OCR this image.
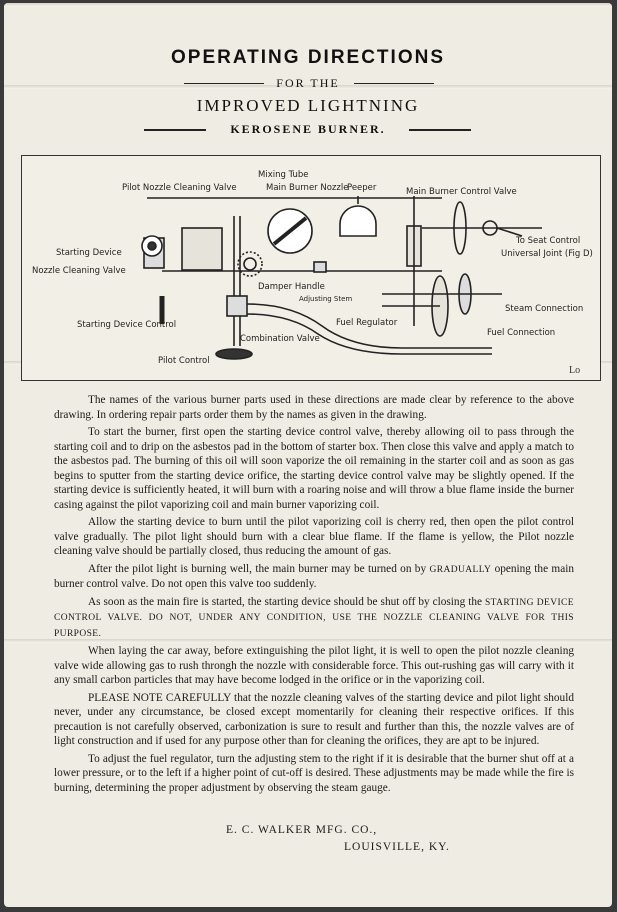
OPERATING DIRECTIONS
FOR THE
IMPROVED LIGHTNING
KEROSENE BURNER.
Mixing Tube
Pilot Nozzle Cleaning Valve	Main Burner Nozzle
Peeper	Main Burner Control Valve
To Seat Control
Universal Joint (Fig D)
Starting Device
Nozzle Cleaning Valve
Damper Handle
Adjusting Stem
Steam Connection
Fuel Regulator
Fuel Connection
Starting Device Control
Combination Valve
Pilot Control
Lo

The names of the various burner parts used in these directions are made clear by reference to the above drawing. In ordering repair parts order them by the names as given in the drawing.

To start the burner, first open the starting device control valve, thereby allowing oil to pass through the starting coil and to drip on the asbestos pad in the bottom of starter box. Then close this valve and apply a match to the asbestos pad. The burning of this oil will soon vaporize the oil remaining in the starter coil and as soon as gas begins to sputter from the starting device orifice, the starting device control valve may be slightly opened. If the starting device is sufficiently heated, it will burn with a roaring noise and will throw a blue flame inside the burner casing against the pilot vaporizing coil and main burner vaporizing coil.

Allow the starting device to burn until the pilot vaporizing coil is cherry red, then open the pilot control valve gradually. The pilot light should burn with a clear blue flame. If the flame is yellow, the Pilot nozzle cleaning valve should be partially closed, thus reducing the amount of gas.

After the pilot light is burning well, the main burner may be turned on by GRADUALLY opening the main burner control valve. Do not open this valve too suddenly.

As soon as the main fire is started, the starting device should be shut off by closing the STARTING DEVICE CONTROL VALVE. DO NOT, UNDER ANY CONDITION, USE THE NOZZLE CLEANING VALVE FOR THIS PURPOSE.

When laying the car away, before extinguishing the pilot light, it is well to open the pilot nozzle cleaning valve wide allowing gas to rush throngh the nozzle with considerable force. This out-rushing gas will carry with it any small carbon particles that may have become lodged in the orifice or in the vaporizing coil.

PLEASE NOTE CAREFULLY that the nozzle cleaning valves of the starting device and pilot light should never, under any circumstance, be closed except momentarily for cleaning their respective orifices. If this precaution is not carefully observed, carbonization is sure to result and further than this, the nozzle valves are of light construction and if used for any purpose other than for cleaning the orifices, they are apt to be injured.

To adjust the fuel regulator, turn the adjusting stem to the right if it is desirable that the burner shut off at a lower pressure, or to the left if a higher point of cut-off is desired. These adjustments may be made while the fire is burning, determining the proper adjustment by observing the steam gauge.

E. C. WALKER MFG. CO.,
LOUISVILLE, KY.
